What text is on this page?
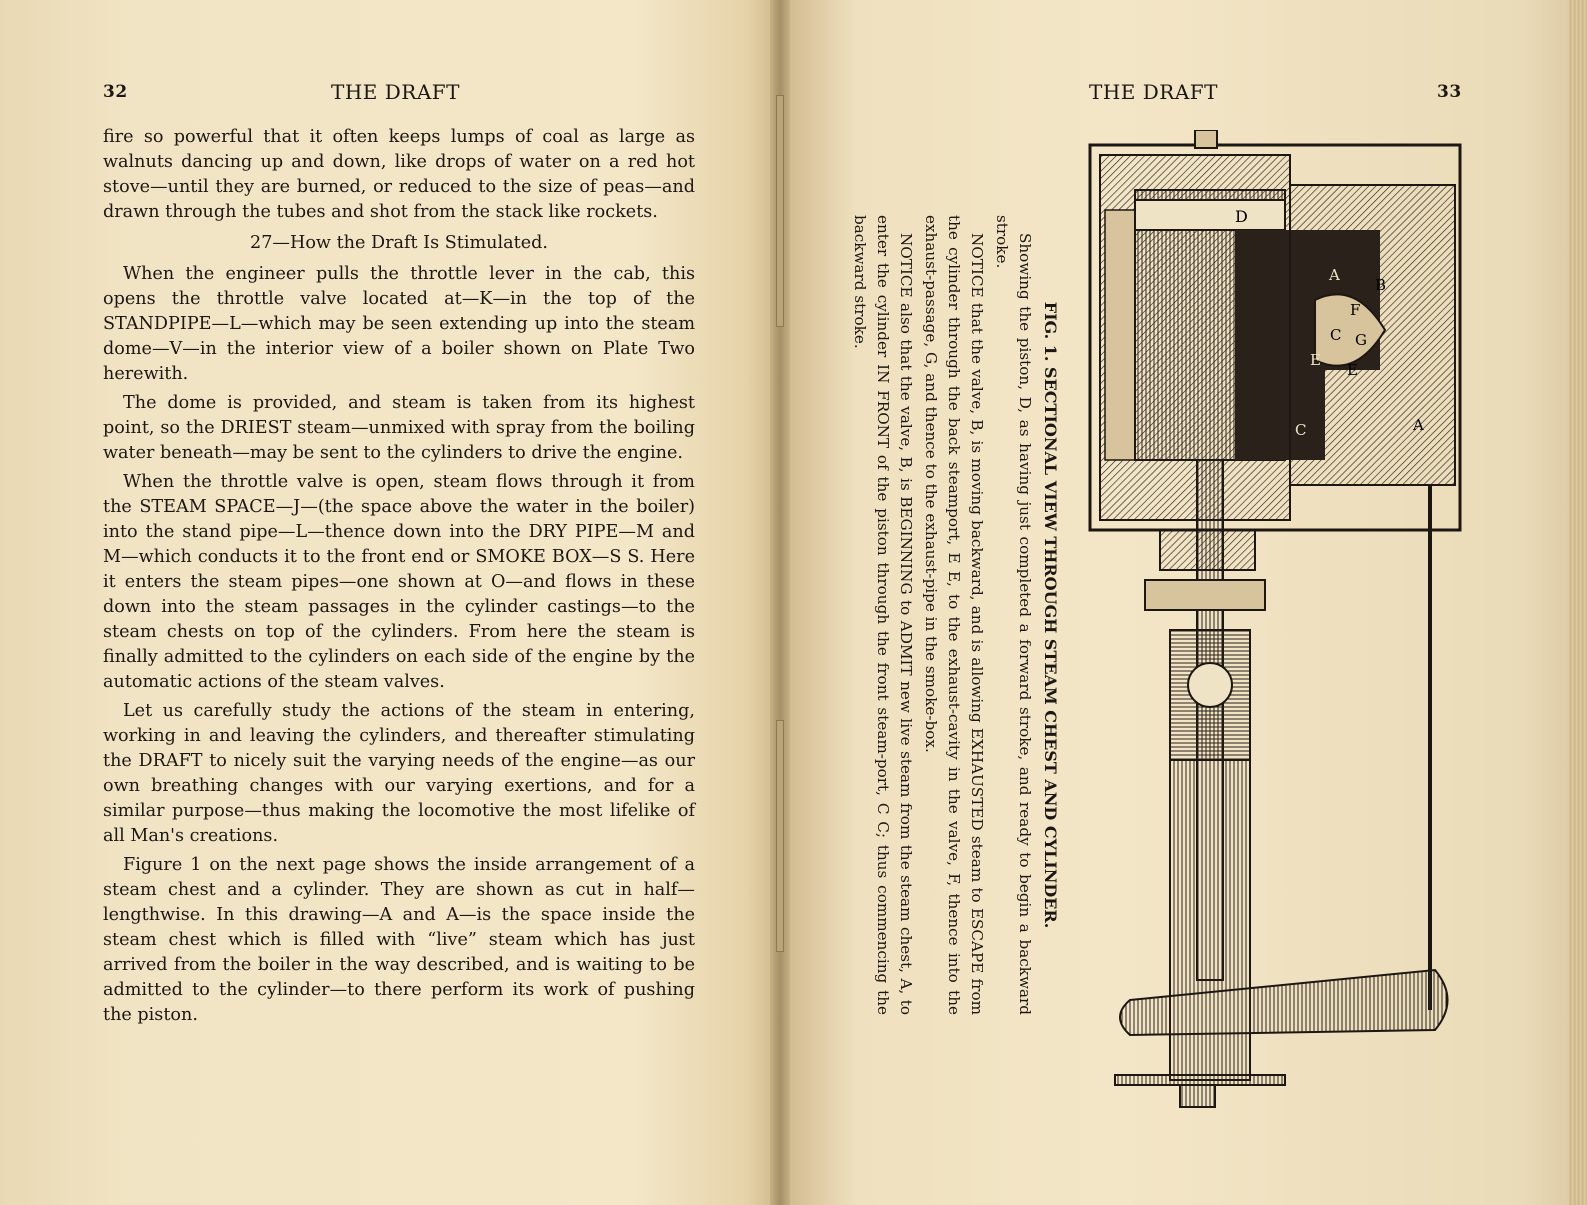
32	THE DRAFT

fire so powerful that it often keeps lumps of coal as large as walnuts dancing up and down, like drops of water on a red hot stove—until they are burned, or reduced to the size of peas—and drawn through the tubes and shot from the stack like rockets.

27—How the Draft Is Stimulated.

When the engineer pulls the throttle lever in the cab, this opens the throttle valve located at—K—in the top of the STANDPIPE—L—which may be seen extending up into the steam dome—V—in the interior view of a boiler shown on Plate Two herewith.

The dome is provided, and steam is taken from its highest point, so the DRIEST steam—unmixed with spray from the boiling water beneath—may be sent to the cylinders to drive the engine.

When the throttle valve is open, steam flows through it from the STEAM SPACE—J—(the space above the water in the boiler) into the stand pipe—L—thence down into the DRY PIPE—M and M—which conducts it to the front end or SMOKE BOX—S S. Here it enters the steam pipes—one shown at O—and flows in these down into the steam passages in the cylinder castings—to the steam chests on top of the cylinders. From here the steam is finally admitted to the cylinders on each side of the engine by the automatic actions of the steam valves.

Let us carefully study the actions of the steam in entering, working in and leaving the cylinders, and thereafter stimulating the DRAFT to nicely suit the varying needs of the engine—as our own breathing changes with our varying exertions, and for a similar purpose—thus making the locomotive the most lifelike of all Man's creations.

Figure 1 on the next page shows the inside arrangement of a steam chest and a cylinder. They are shown as cut in half—lengthwise. In this drawing—A and A—is the space inside the steam chest which is filled with “live” steam which has just arrived from the boiler in the way described, and is waiting to be admitted to the cylinder—to there perform its work of pushing the piston.

THE DRAFT	33
FIG. 1. SECTIONAL VIEW THROUGH STEAM CHEST AND CYLINDER.

Showing the piston, D, as having just completed a forward stroke, and ready to begin a backward stroke.

NOTICE that the valve, B, is moving backward, and is allowing EXHAUSTED steam to ESCAPE from the cylinder through the back steamport, E E, to the exhaust-cavity in the valve, F, thence into the exhaust-passage, G, and thence to the exhaust-pipe in the smoke-box.

NOTICE also that the valve, B, is BEGINNING to ADMIT new live steam from the steam chest, A, to enter the cylinder IN FRONT of the piston through the front steam-port, C C; thus commencing the backward stroke.	D
A
F
B
C G
E
E
A
C
